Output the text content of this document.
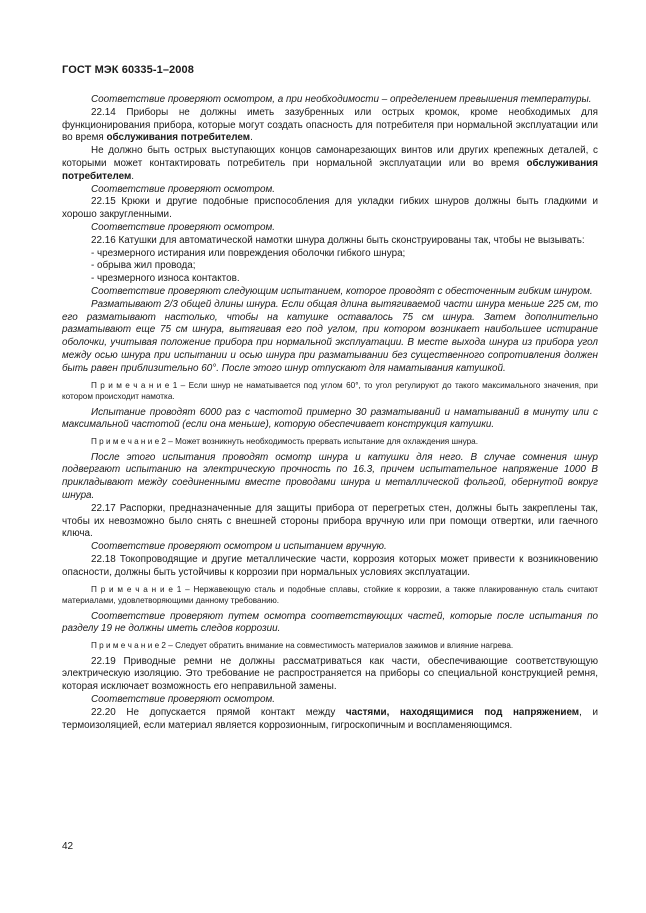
ГОСТ МЭК 60335-1–2008

Соответствие проверяют осмотром, а при необходимости – определением превышения температуры.

22.14 Приборы не должны иметь зазубренных или острых кромок, кроме необходимых для функционирования прибора, которые могут создать опасность для потребителя при нормальной эксплуатации или во время обслуживания потребителем.

Не должно быть острых выступающих концов самонарезающих винтов или других крепежных деталей, с которыми может контактировать потребитель при нормальной эксплуатации или во время обслуживания потребителем.

Соответствие проверяют осмотром.

22.15 Крюки и другие подобные приспособления для укладки гибких шнуров должны быть гладкими и хорошо закругленными.

Соответствие проверяют осмотром.

22.16 Катушки для автоматической намотки шнура должны быть сконструированы так, чтобы не вызывать:

- чрезмерного истирания или повреждения оболочки гибкого шнура;

- обрыва жил провода;

- чрезмерного износа контактов.

Соответствие проверяют следующим испытанием, которое проводят с обесточенным гибким шнуром.

Разматывают 2/3 общей длины шнура. Если общая длина вытягиваемой части шнура меньше 225 см, то его разматывают настолько, чтобы на катушке оставалось 75 см шнура. Затем дополнительно разматывают еще 75 см шнура, вытягивая его под углом, при котором возникает наибольшее истирание оболочки, учитывая положение прибора при нормальной эксплуатации. В месте выхода шнура из прибора угол между осью шнура при испытании и осью шнура при разматывании без существенного сопротивления должен быть равен приблизительно 60°. После этого шнур отпускают для наматывания катушкой.

П р и м е ч а н и е 1 – Если шнур не наматывается под углом 60°, то угол регулируют до такого максимального значения, при котором происходит намотка.

Испытание проводят 6000 раз с частотой примерно 30 разматываний и наматываний в минуту или с максимальной частотой (если она меньше), которую обеспечивает конструкция катушки.

П р и м е ч а н и е 2 – Может возникнуть необходимость прервать испытание для охлаждения шнура.

После этого испытания проводят осмотр шнура и катушки для него. В случае сомнения шнур подвергают испытанию на электрическую прочность по 16.3, причем испытательное напряжение 1000 В прикладывают между соединенными вместе проводами шнура и металлической фольгой, обернутой вокруг шнура.

22.17 Распорки, предназначенные для защиты прибора от перегретых стен, должны быть закреплены так, чтобы их невозможно было снять с внешней стороны прибора вручную или при помощи отвертки, или гаечного ключа.

Соответствие проверяют осмотром и испытанием вручную.

22.18 Токопроводящие и другие металлические части, коррозия которых может привести к возникновению опасности, должны быть устойчивы к коррозии при нормальных условиях эксплуатации.

П р и м е ч а н и е 1 – Нержавеющую сталь и подобные сплавы, стойкие к коррозии, а также плакированную сталь считают материалами, удовлетворяющими данному требованию.

Соответствие проверяют путем осмотра соответствующих частей, которые после испытания по разделу 19 не должны иметь следов коррозии.

П р и м е ч а н и е 2 – Следует обратить внимание на совместимость материалов зажимов и влияние нагрева.

22.19 Приводные ремни не должны рассматриваться как части, обеспечивающие соответствующую электрическую изоляцию. Это требование не распространяется на приборы со специальной конструкцией ремня, которая исключает возможность его неправильной замены.

Соответствие проверяют осмотром.

22.20 Не допускается прямой контакт между частями, находящимися под напряжением, и термоизоляцией, если материал является коррозионным, гигроскопичным и воспламеняющимся.

42
